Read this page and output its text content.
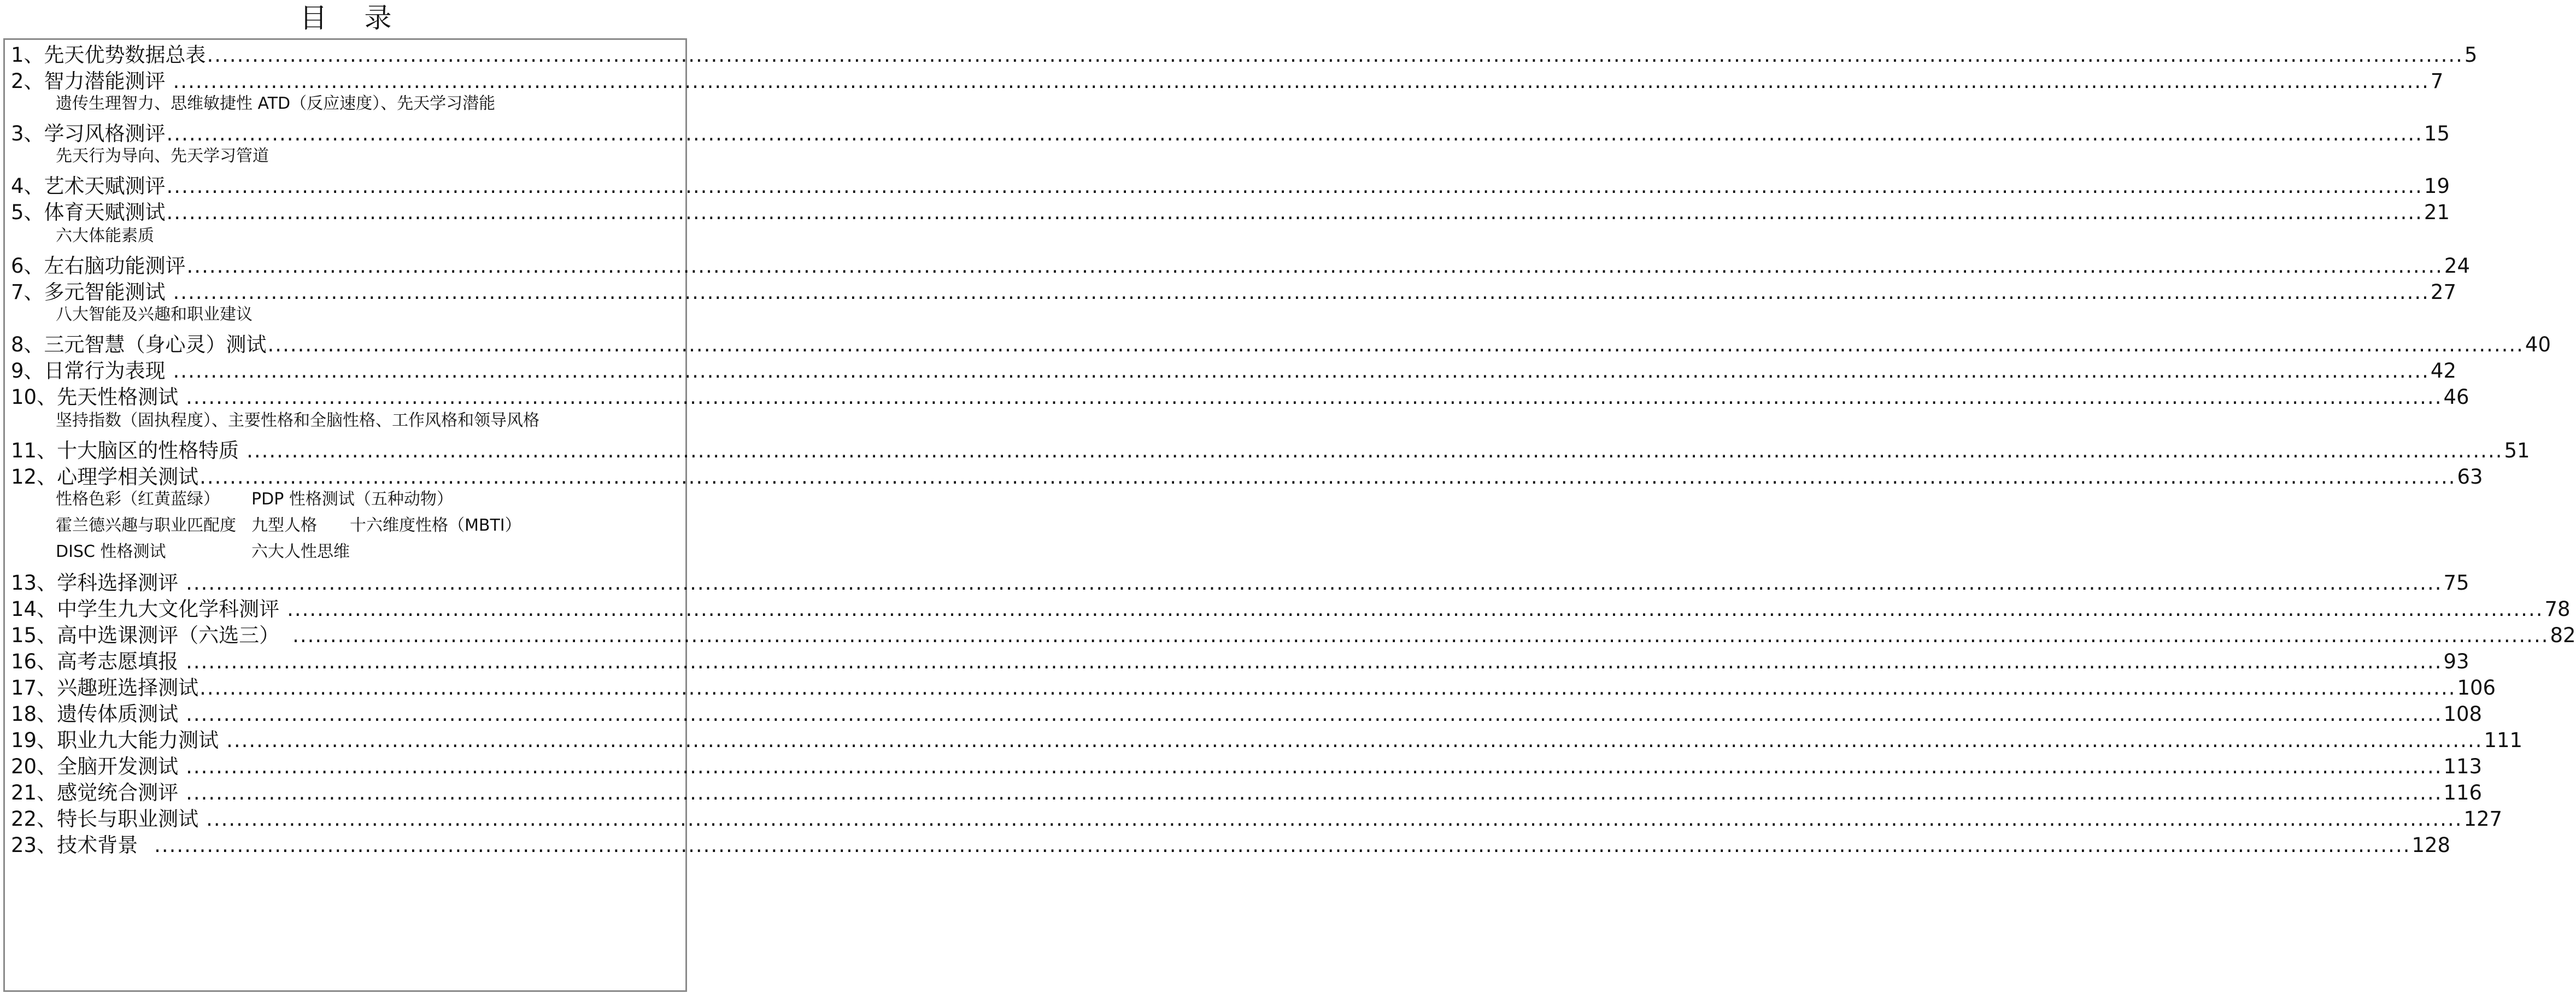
目 录
1、先天优势数据总表 ............................................................................................................................................................................................................................................................................................................ 5
2、智力潜能测评 ............................................................................................................................................................................................................................................................................................................ 7
遗传生理智力、思维敏捷性 ATD（反应速度）、先天学习潜能
3、学习风格测评 ............................................................................................................................................................................................................................................................................................................ 15
先天行为导向、先天学习管道
4、艺术天赋测评 ............................................................................................................................................................................................................................................................................................................ 19
5、体育天赋测试 ............................................................................................................................................................................................................................................................................................................ 21
六大体能素质
6、左右脑功能测评 ............................................................................................................................................................................................................................................................................................................ 24
7、多元智能测试 ............................................................................................................................................................................................................................................................................................................ 27
八大智能及兴趣和职业建议
8、三元智慧（身心灵）测试 ............................................................................................................................................................................................................................................................................................................ 40
9、日常行为表现 ............................................................................................................................................................................................................................................................................................................ 42
10、先天性格测试 ............................................................................................................................................................................................................................................................................................................ 46
坚持指数（固执程度）、主要性格和全脑性格、工作风格和领导风格
11、十大脑区的性格特质 ............................................................................................................................................................................................................................................................................................................ 51
12、心理学相关测试 ............................................................................................................................................................................................................................................................................................................ 63
性格色彩（红黄蓝绿） PDP 性格测试（五种动物）
霍兰德兴趣与职业匹配度 九型人格 十六维度性格（MBTI）
DISC 性格测试	六大人性思维
13、学科选择测评 ............................................................................................................................................................................................................................................................................................................ 75
14、中学生九大文化学科测评 ............................................................................................................................................................................................................................................................................................................ 78
15、高中选课测评（六选三） ............................................................................................................................................................................................................................................................................................................ 82
16、高考志愿填报 ............................................................................................................................................................................................................................................................................................................ 93
17、兴趣班选择测试 ............................................................................................................................................................................................................................................................................................................ 106
18、遗传体质测试 ............................................................................................................................................................................................................................................................................................................ 108
19、职业九大能力测试 ............................................................................................................................................................................................................................................................................................................ 111
20、全脑开发测试 ............................................................................................................................................................................................................................................................................................................ 113
21、感觉统合测评 ............................................................................................................................................................................................................................................................................................................ 116
22、特长与职业测试 ............................................................................................................................................................................................................................................................................................................ 127
23、技术背景 ............................................................................................................................................................................................................................................................................................................ 128
